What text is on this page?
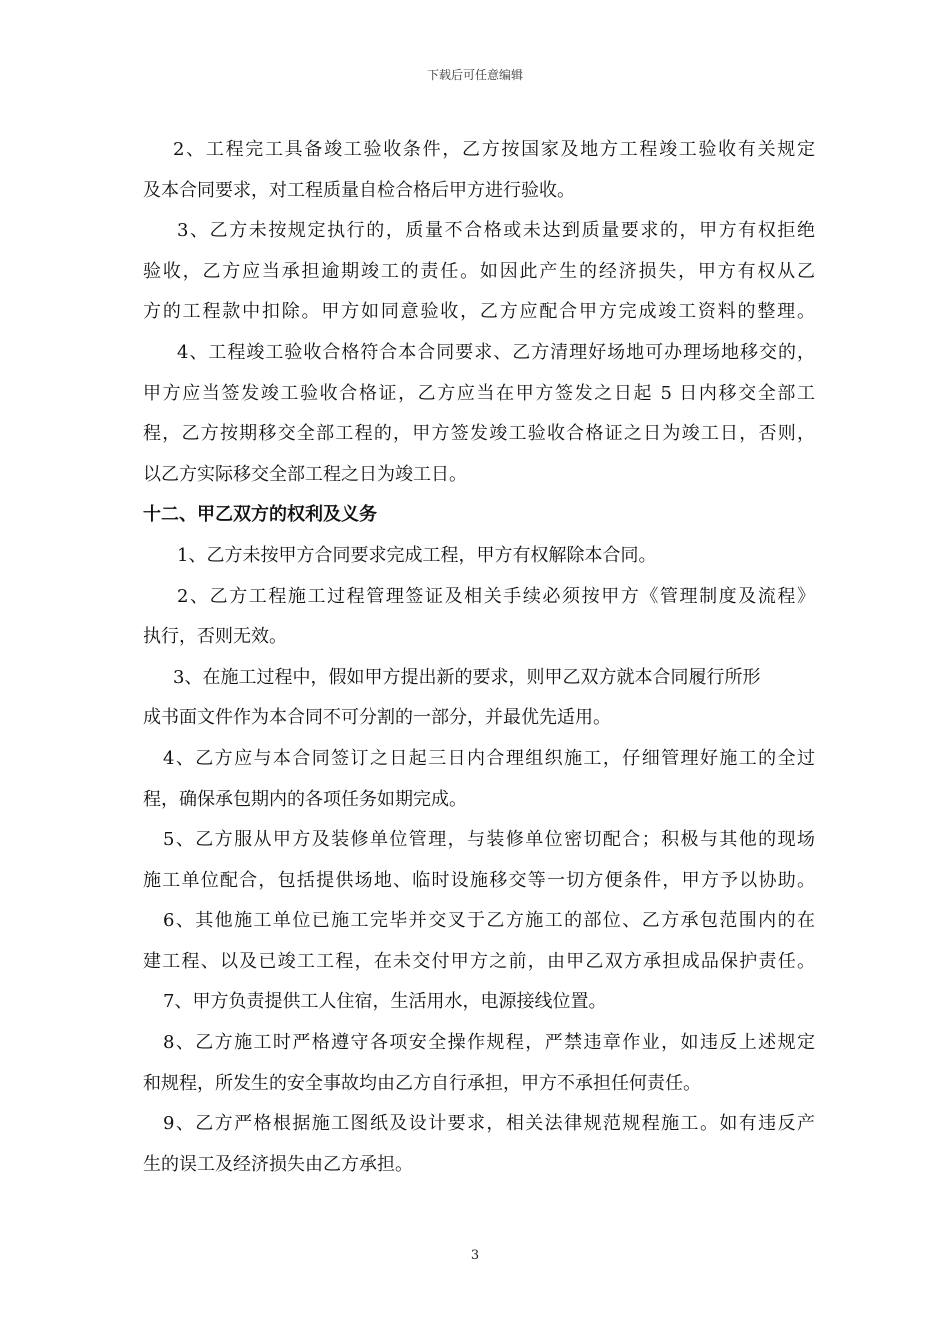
下载后可任意编辑
2、工程完工具备竣工验收条件，乙方按国家及地方工程竣工验收有关规定
及本合同要求，对工程质量自检合格后甲方进行验收。
3、乙方未按规定执行的，质量不合格或未达到质量要求的，甲方有权拒绝
验收，乙方应当承担逾期竣工的责任。如因此产生的经济损失，甲方有权从乙
方的工程款中扣除。甲方如同意验收，乙方应配合甲方完成竣工资料的整理。
4、工程竣工验收合格符合本合同要求、乙方清理好场地可办理场地移交的，
甲方应当签发竣工验收合格证，乙方应当在甲方签发之日起 5 日内移交全部工
程，乙方按期移交全部工程的，甲方签发竣工验收合格证之日为竣工日，否则，
以乙方实际移交全部工程之日为竣工日。
十二、甲乙双方的权利及义务
1、乙方未按甲方合同要求完成工程，甲方有权解除本合同。
2、乙方工程施工过程管理签证及相关手续必须按甲方《管理制度及流程》
执行，否则无效。
3、在施工过程中，假如甲方提出新的要求，则甲乙双方就本合同履行所形
成书面文件作为本合同不可分割的一部分，并最优先适用。
4、乙方应与本合同签订之日起三日内合理组织施工，仔细管理好施工的全过
程，确保承包期内的各项任务如期完成。
5、乙方服从甲方及装修单位管理，与装修单位密切配合；积极与其他的现场
施工单位配合，包括提供场地、临时设施移交等一切方便条件，甲方予以协助。
6、其他施工单位已施工完毕并交叉于乙方施工的部位、乙方承包范围内的在
建工程、以及已竣工工程，在未交付甲方之前，由甲乙双方承担成品保护责任。
7、甲方负责提供工人住宿，生活用水，电源接线位置。
8、乙方施工时严格遵守各项安全操作规程，严禁违章作业，如违反上述规定
和规程，所发生的安全事故均由乙方自行承担，甲方不承担任何责任。
9、乙方严格根据施工图纸及设计要求，相关法律规范规程施工。如有违反产
生的误工及经济损失由乙方承担。
3
